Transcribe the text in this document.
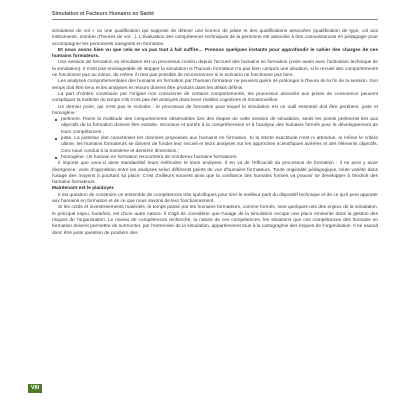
Simulation et Facteurs Humains en Santé

simulateur de vol » ou une qualification qui suppose de détenir une licence de pilote et des qualifications associées (qualification de type, vol aux instruments, nombre d'heures de vol…). L'évaluation des compétences techniques de la personne est associée à des connaissances en pédagogie pour accompagner les personnels navigants en formation.

Et nous avons bien vu que cela ne va pas tout à fait suffire… Prenons quelques instants pour approfondir le cahier des charges de ces humains formateurs.

Une session de formation en simulation est un processus continu depuis l'accueil des humains en formation (voire avant avec l'activation technique de la simulation). Il n'est pas envisageable de stopper la simulation si l'humain formateur n'a pas bien compris une situation, si le recueil des comportements ne fonctionne pas au mieux, de même il n'est pas possible de recommencer si le scénario ne fonctionne pas bien.

Les analyses comportementales des humains en formation par l'humain formateur ne peuvent guère se prolonger à l'heure de la fin de la session. Son temps doit être tenu et les analyses et retours doivent être produits dans les délais définis.

La part d'ombre constituée par l'origine non consciente de certains comportements, les processus associés aux prises de conscience peuvent compliquer la maîtrise du temps s'ils n'ont pas été anticipés dans leurs réalités cognitives et émotionnelles.

Un dernier point, qui n'est pas le moindre : le processus de formation pour lequel la simulation est un outil essentiel doit être pertinent, juste et homogène :

pertinent. Parmi la multitude des comportements observables lors des étapes de cette session de simulation, seuls les points pertinents liés aux objectifs de la formation doivent être extraits, reconnus et portés à la compréhension et à l'analyse des humains formés pour le développement de leurs compétences ;
juste. La justesse doit caractériser les données proposées aux humains en formation. Si la stricte exactitude n'est ni attendue, ni même le critère ultime, les humains formateurs se doivent de fonder leur recueil et leurs analyses sur les approches scientifiques avérées et des éléments objectifs. Ceci nous conduit à la troisième et dernière dimension ;
homogène. Un humain en formation rencontrera de nombreux humains formateurs.

Il importe que ceux-ci aient standardisé leurs méthodes et leurs analyses. Il en va de l'efficacité du processus de formation : il ne peut y avoir divergence, voire d'opposition entre les analyses selon différents points de vue d'humains formateurs. Toute originalité pédagogique, toute variété dans l'usage des moyens à pourtant sa place. C'est d'ailleurs souvent ainsi que la confiance des humains formés va pouvoir se développer à l'endroit des humains formateurs.

Maintenant est le plaidoyer.

Il est question de construire un ensemble de compétences très spécifiques pour tirer le meilleur parti du dispositif technique et de ce qu'il peut apporter aux humains en formation et de ce que nous savons de leur fonctionnement.

Si les coûts et investissements matériels, le temps passé par les humains formateurs, comme formés, sont quelques-uns des enjeux de la simulation, le principal enjeu, toutefois, est d'une autre nature. Il s'agit de considérer que l'usage de la simulation occupe une place éminente dans la gestion des risques de l'organisation. Le niveau de compétences recherché, la nature de ces compétences, les situations que ces compétences des humains en formation doivent permettre de surmonter, par l'entremise de la simulation, appartiennent tous à la cartographie des risques de l'organisation. Il ne saurait donc être juste question de produire des

VIII
